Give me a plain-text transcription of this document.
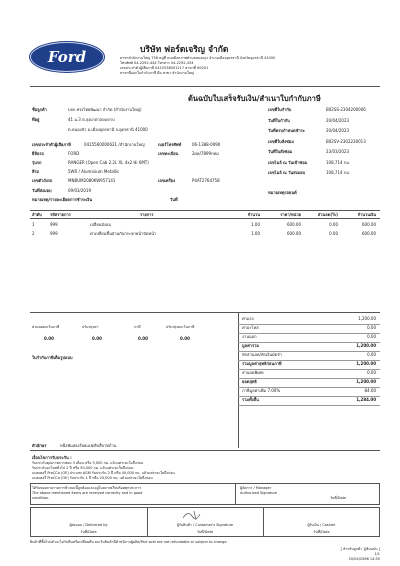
Ford	บริษัท ฟอร์ดเจริญ จำกัด
สาขาสำนักงานใหญ่ 756 หมู่ที่ ถนนมิตรภาพตำบลหนองกุง อำเภอเมืองอุดรธานี จังหวัดอุดรธานี 41000
โทรศัพท์ 04-2292-444 โทรสาร 04-2292-434
เลขประจำตัวผู้เสียภาษี 0415538001217 สาขาที่ 00001
สาขาที่ออกใบกำกับภาษี คือ สาขา สำนักงานใหญ่
ต้นฉบับใบเสร็จรับเงิน/สำเนาใบกำกับภาษี
ชื่อลูกค้า	บจก.ทรงไทยพัฒนา จำกัด (สำนักงานใหญ่)
ที่อยู่	41 ม.3 ต.ลุงผาตาลอบหาบ
ต.หนองบัว อ.เมืองอุดรธานี จ.อุดรธานี 41000
เลขประจำตัวผู้เสียภาษี	0415560000621 /สำนักงานใหญ่	เบอร์โทรศัพท์	06-1388-0090
ยี่ห้อรถ	FORD	เลขทะเบียน	2ผค/7899กทม
รุ่นรถ	RANGER (Open Cab 2.2L XL 4x2 Hi 6MT)
สีรถ	5WR / Aluminium Metallic
เลขตัวถังรถ	MNBUM2080KW957141	เลขเครื่อง	P4AT2764758
วันที่ส่งมอบ	09/03/2019
หมายเหตุ/รายละเอียดการชำระเงิน	วันที่
เลขที่ใบกำกับ	B02SS-2304200006
วันที่ใบกำกับ	20/04/2023
วันที่ครบกำหนดชำระ	20/04/2023
เลขที่ใบสั่งซ่อม	B02SV-2302230013
วันที่ใบสั่งซ่อม	23/03/2023
เลขไมล์ ณ วันเข้าซ่อม	108,714 กม.
เลขไมล์ ณ วันส่งมอบ	108,714 กม.
หมายเหตุรถยนต์
ลำดับ รหัสรายการ	รายการ	จำนวน	ราคา/หน่วย	ส่วนลด(%)	จำนวนเงิน
1	999	เปลี่ยนบังลม	1.00	600.00	0.00	600.00
2	999	ค่าเปลี่ยนชิ้นส่วนกับกระจกหน้าปัดหน้า	1.00	600.00	0.00	600.00
ส่วนลดยกเว้นภาษี	ปรับปรุงค่า	ภาษี	ปรับปรุงยกเว้นภาษี
0.00	0.00	0.00	0.00
ใบกำกับภาษีเต็มรูปแบบ
ค่าแรง	1,200.00
ค่าอะไหล่	0.00
งานนอก	0.00
มูลค่ารวม	1,200.00
หักส่วนลด/หักเงินมัดจำ	0.00
รวมมูลค่าสุทธิก่อนภาษี	1,200.00
ส่วนลดพิเศษ	0.00
ยอดสุทธิ	1,200.00
ภาษีมูลค่าเพิ่ม 7.00%	84.00
รวมทั้งสิ้น	1,284.00
ตัวอักษร	หนึ่งพันสองร้อยแปดสิบสี่บาทถ้วน
เงื่อนไขการรับประกัน :
รับประกันคุณภาพการซ่อม 3 เดือน หรือ 5,000 กม. แล้วแต่ระยะใดถึงก่อน
รับประกันอะไหล่ทั่วไป 2 ปี หรือ 50,000 กม. แล้วแต่ระยะใดถึงก่อน
แบตเตอรี่ ProCCo (OE) ประเภท AGM รับประกัน 2 ปี หรือ 40,000 กม. แล้วแต่ระยะใดถึงก่อน
แบตเตอรี่ ProCCo (OE) รับประกัน 1 ปี หรือ 20,000 กม. แล้วแต่ระยะใดถึงก่อน
ได้รับของตามรายการข้างบนนี้ถูกต้องและอยู่ในสภาพเรียบร้อยทุกประการ
The above mentioned items are received correctly and in good
condition.
ผู้จัดการ / Manager
Authorized Signature
วันที่/Date
ผู้ส่งมอบ / Delivered by	ผู้รับสินค้า / Customer's Signature	ผู้รับเงิน / Cashier
วันที่/Date	วันที่/Date	วันที่/Date
สินค้าที่ซื้อไปแล้วจะไม่รับคืนหรือเปลี่ยนคืน ยกเว้นสินค้ามีตำหนิจากผู้ผลิต/Part sold are not refundable or subject to change.
[ สำหรับลูกค้า ][ต้นฉบับ ]
1/1
20/04/2566 14:50
